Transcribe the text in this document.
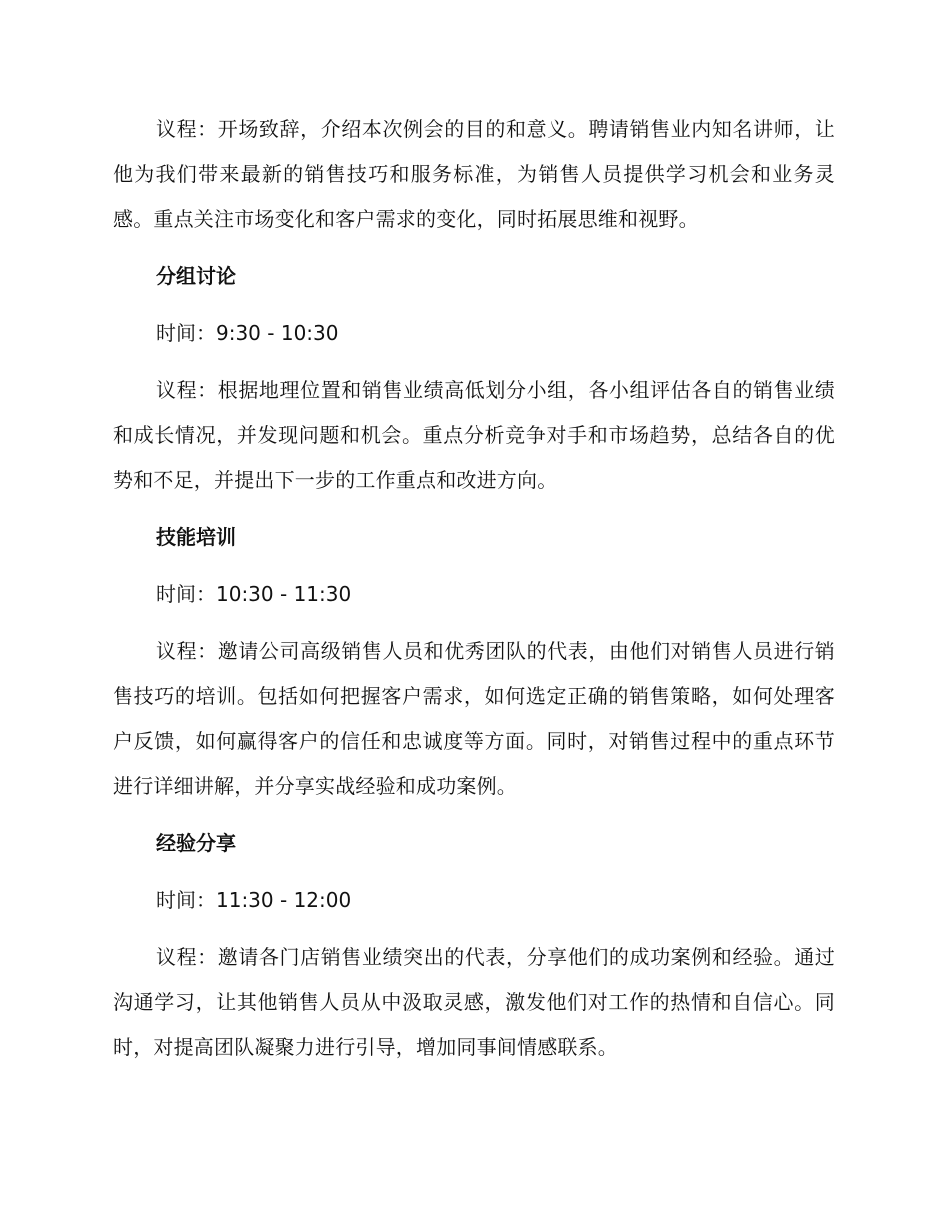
议程：开场致辞，介绍本次例会的目的和意义。聘请销售业内知名讲师，让他为我们带来最新的销售技巧和服务标准，为销售人员提供学习机会和业务灵感。重点关注市场变化和客户需求的变化，同时拓展思维和视野。

分组讨论

时间：9:30 - 10:30

议程：根据地理位置和销售业绩高低划分小组，各小组评估各自的销售业绩和成长情况，并发现问题和机会。重点分析竞争对手和市场趋势，总结各自的优势和不足，并提出下一步的工作重点和改进方向。

技能培训

时间：10:30 - 11:30

议程：邀请公司高级销售人员和优秀团队的代表，由他们对销售人员进行销售技巧的培训。包括如何把握客户需求，如何选定正确的销售策略，如何处理客户反馈，如何赢得客户的信任和忠诚度等方面。同时，对销售过程中的重点环节进行详细讲解，并分享实战经验和成功案例。

经验分享

时间：11:30 - 12:00

议程：邀请各门店销售业绩突出的代表，分享他们的成功案例和经验。通过沟通学习，让其他销售人员从中汲取灵感，激发他们对工作的热情和自信心。同时，对提高团队凝聚力进行引导，增加同事间情感联系。
